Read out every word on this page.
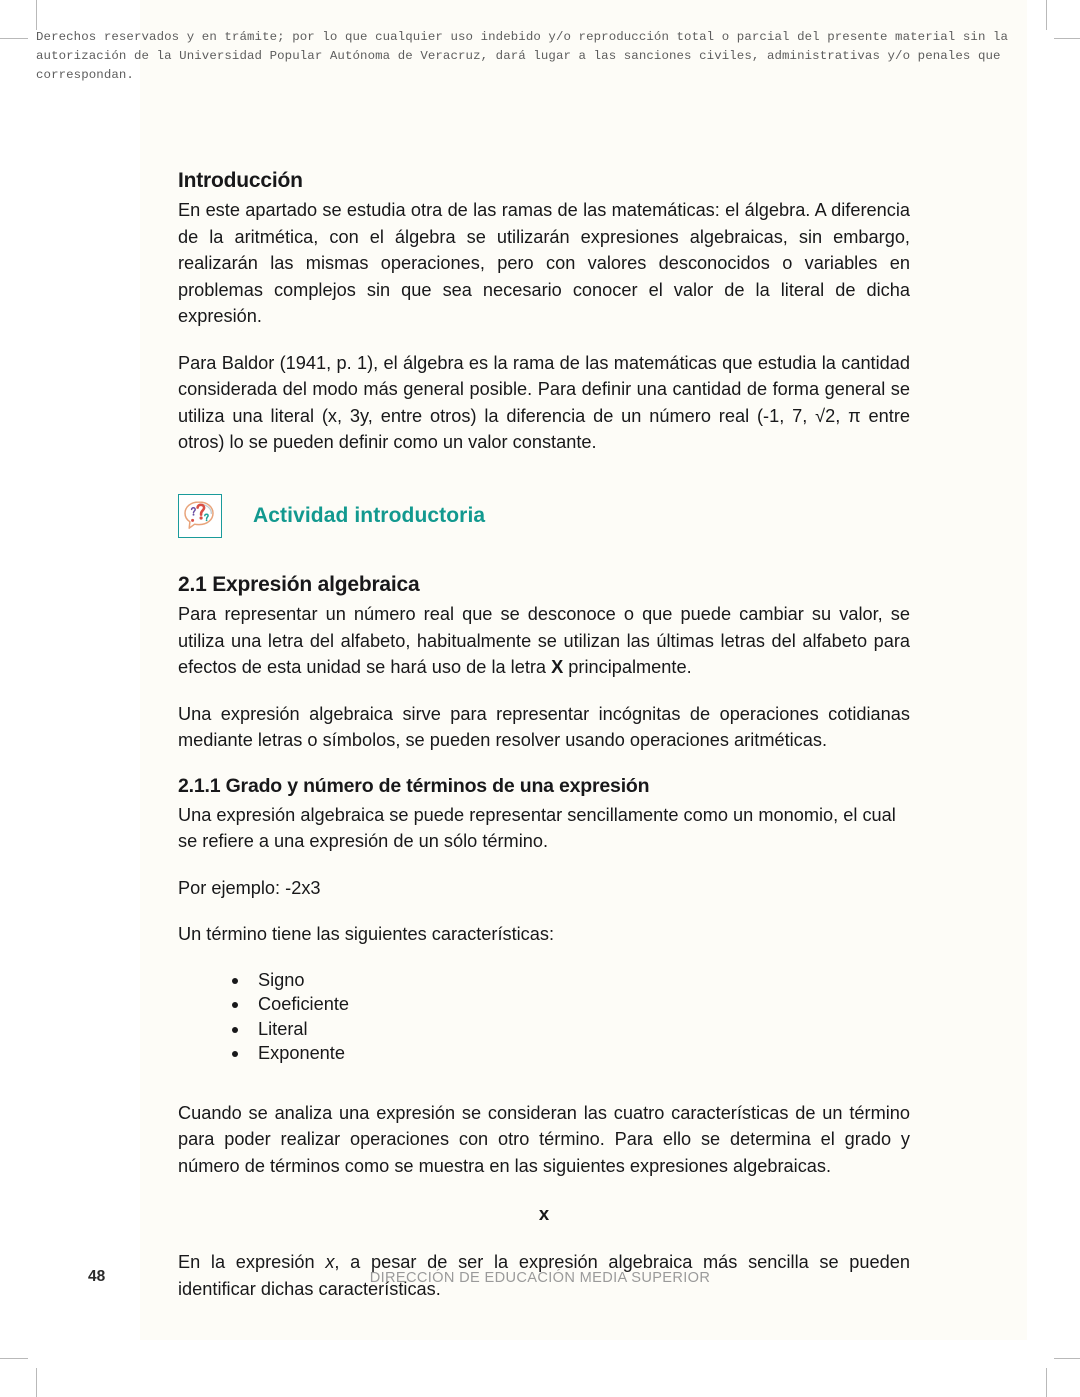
Derechos reservados y en trámite; por lo que cualquier uso indebido y/o reproducción total o parcial del presente material sin la autorización de la Universidad Popular Autónoma de Veracruz, dará lugar a las sanciones civiles, administrativas y/o penales que correspondan.
Introducción

En este apartado se estudia otra de las ramas de las matemáticas: el álgebra. A diferencia de la aritmética, con el álgebra se utilizarán expresiones algebraicas, sin embargo, realizarán las mismas operaciones, pero con valores desconocidos o variables en problemas complejos sin que sea necesario conocer el valor de la literal de dicha expresión.

Para Baldor (1941, p. 1), el álgebra es la rama de las matemáticas que estudia la cantidad considerada del modo más general posible. Para definir una cantidad de forma general se utiliza una literal (x, 3y, entre otros) la diferencia de un número real (-1, 7, √2, π entre otros) lo se pueden definir como un valor constante.

Actividad introductoria
2.1 Expresión algebraica

Para representar un número real que se desconoce o que puede cambiar su valor, se utiliza una letra del alfabeto, habitualmente se utilizan las últimas letras del alfabeto para efectos de esta unidad se hará uso de la letra X principalmente.

Una expresión algebraica sirve para representar incógnitas de operaciones cotidianas mediante letras o símbolos, se pueden resolver usando operaciones aritméticas.

2.1.1 Grado y número de términos de una expresión

Una expresión algebraica se puede representar sencillamente como un monomio, el cual se refiere a una expresión de un sólo término.

Por ejemplo: -2x3

Un término tiene las siguientes características:

Signo
Coeficiente
Literal
Exponente

Cuando se analiza una expresión se consideran las cuatro características de un término para poder realizar operaciones con otro término. Para ello se determina el grado y número de términos como se muestra en las siguientes expresiones algebraicas.

x

En la expresión x, a pesar de ser la expresión algebraica más sencilla se pueden identificar dichas características.

48	DIRECCIÓN DE EDUCACIÓN MEDIA SUPERIOR
